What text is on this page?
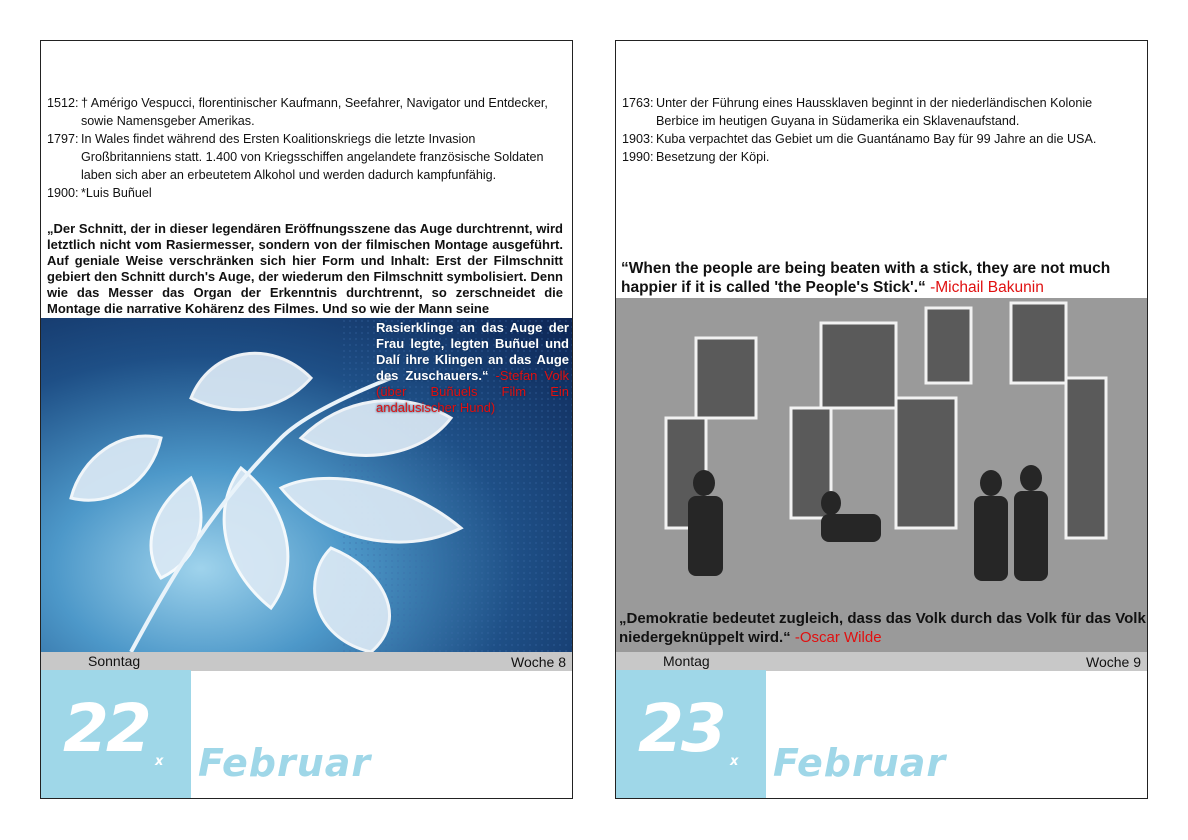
1512: † Amérigo Vespucci, florentinischer Kaufmann, Seefahrer, Navigator und Entdecker, sowie Namensgeber Amerikas.
1797: In Wales findet während des Ersten Koalitionskriegs die letzte Invasion Großbritanniens statt. 1.400 von Kriegsschiffen angelandete französische Soldaten laben sich aber an erbeutetem Alkohol und werden dadurch kampfunfähig.
1900: *Luis Buñuel
„Der Schnitt, der in dieser legendären Eröffnungsszene das Auge durchtrennt, wird letztlich nicht vom Rasiermesser, sondern von der filmischen Montage ausgeführt. Auf geniale Weise verschränken sich hier Form und Inhalt: Erst der Filmschnitt gebiert den Schnitt durch's Auge, der wiederum den Filmschnitt symbolisiert. Denn wie das Messer das Organ der Erkenntnis durchtrennt, so zerschneidet die Montage die narrative Kohärenz des Filmes. Und so wie der Mann seine
Rasierklinge an das Auge der Frau legte, legten Buñuel und Dalí ihre Klingen an das Auge des Zuschauers.“ -Stefan Volk (über Buñuels Film Ein andalusischer Hund)
Sonntag	Woche 8
22 x Februar
1763: Unter der Führung eines Haussklaven beginnt in der niederländischen Kolonie Berbice im heutigen Guyana in Südamerika ein Sklavenaufstand.
1903: Kuba verpachtet das Gebiet um die Guantánamo Bay für 99 Jahre an die USA.
1990: Besetzung der Köpi.
“When the people are being beaten with a stick, they are not much happier if it is called 'the People's Stick'.“ -Michail Bakunin
„Demokratie bedeutet zugleich, dass das Volk durch das Volk für das Volk niedergeknüppelt wird.“ -Oscar Wilde
Montag	Woche 9
23 x Februar
